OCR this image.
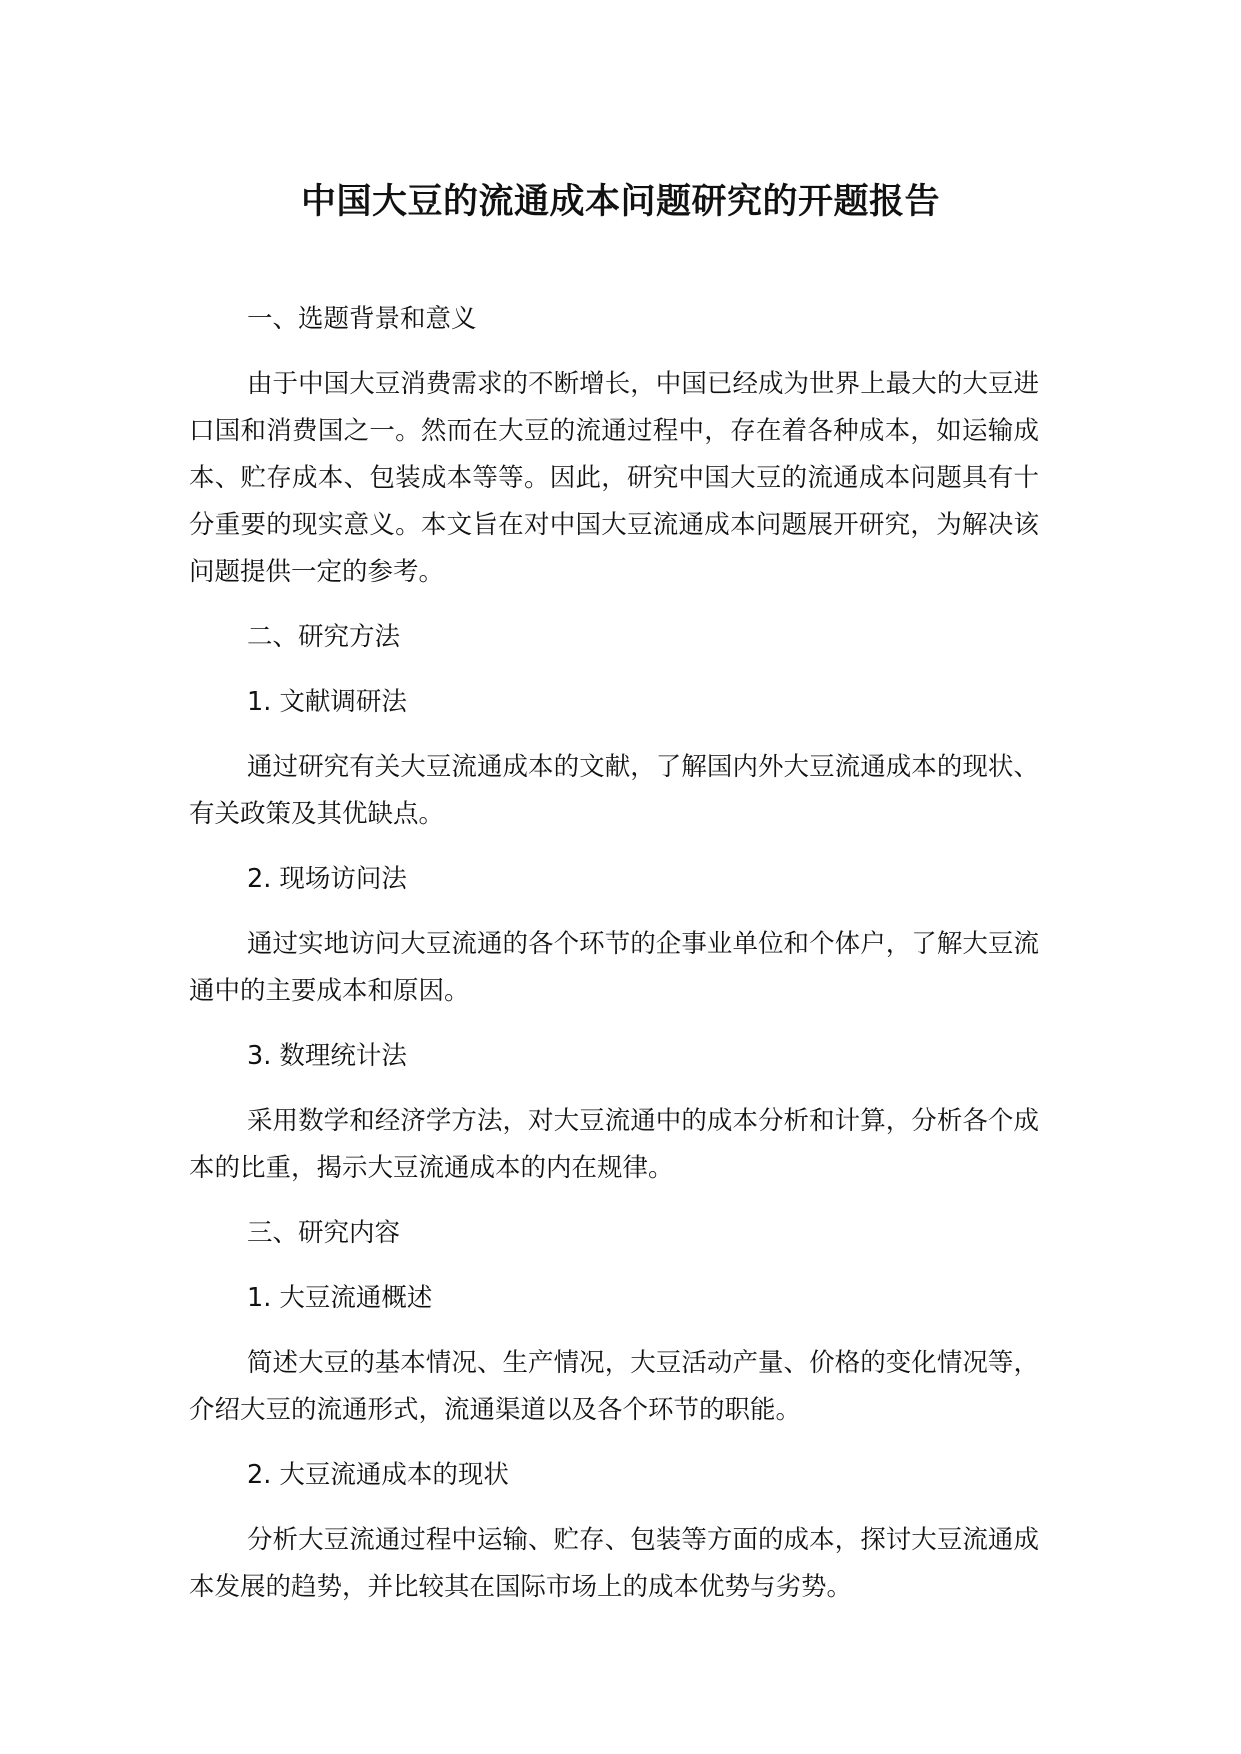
中国大豆的流通成本问题研究的开题报告

一、选题背景和意义

由于中国大豆消费需求的不断增长，中国已经成为世界上最大的大豆进口国和消费国之一。然而在大豆的流通过程中，存在着各种成本，如运输成本、贮存成本、包装成本等等。因此，研究中国大豆的流通成本问题具有十分重要的现实意义。本文旨在对中国大豆流通成本问题展开研究，为解决该问题提供一定的参考。

二、研究方法

1. 文献调研法

通过研究有关大豆流通成本的文献，了解国内外大豆流通成本的现状、有关政策及其优缺点。

2. 现场访问法

通过实地访问大豆流通的各个环节的企事业单位和个体户，了解大豆流通中的主要成本和原因。

3. 数理统计法

采用数学和经济学方法，对大豆流通中的成本分析和计算，分析各个成本的比重，揭示大豆流通成本的内在规律。

三、研究内容

1. 大豆流通概述

简述大豆的基本情况、生产情况，大豆活动产量、价格的变化情况等，介绍大豆的流通形式，流通渠道以及各个环节的职能。

2. 大豆流通成本的现状

分析大豆流通过程中运输、贮存、包装等方面的成本，探讨大豆流通成本发展的趋势，并比较其在国际市场上的成本优势与劣势。
